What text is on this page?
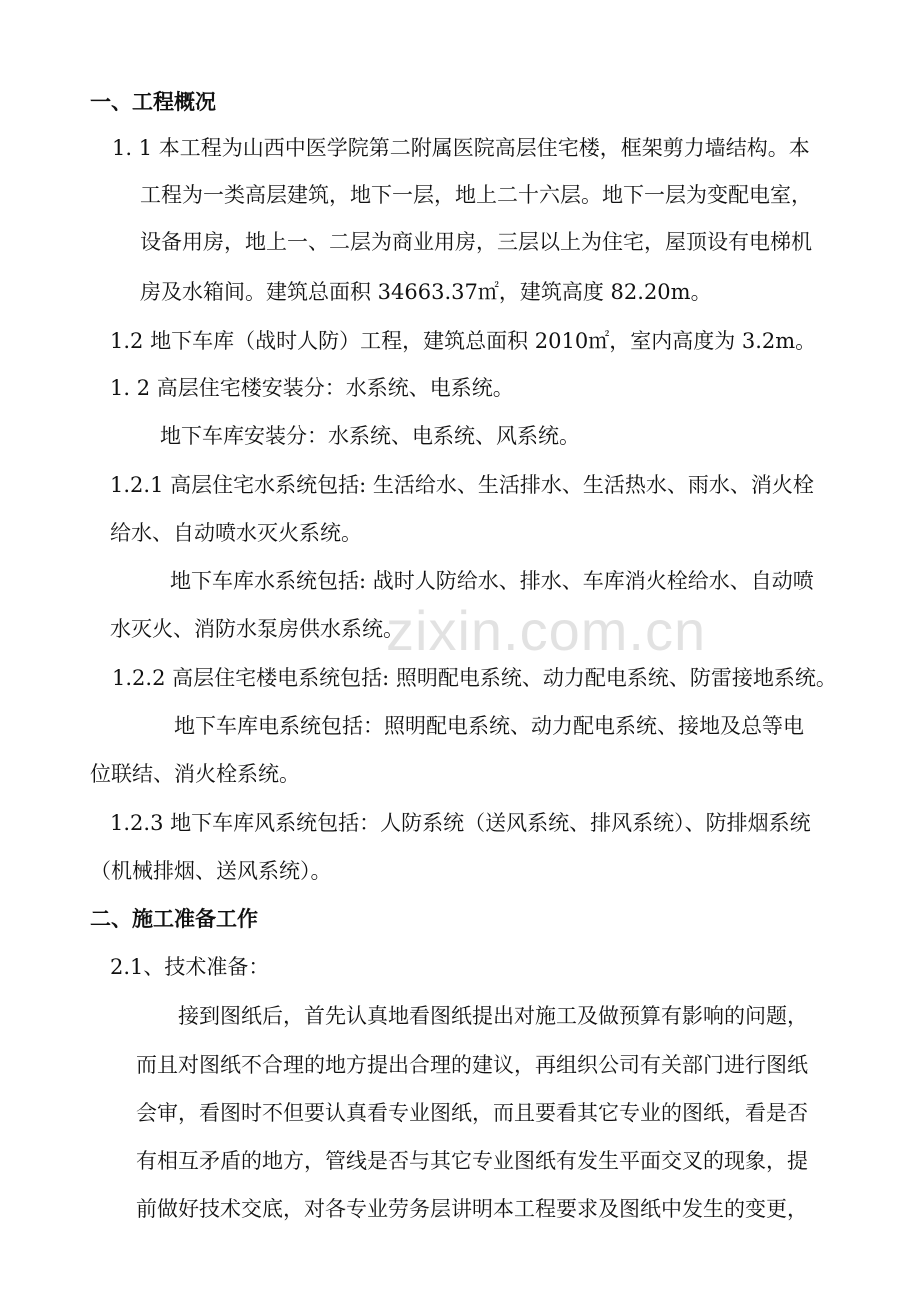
一、工程概况
1. 1 本工程为山西中医学院第二附属医院高层住宅楼，框架剪力墙结构。本
工程为一类高层建筑，地下一层，地上二十六层。地下一层为变配电室，
设备用房，地上一、二层为商业用房，三层以上为住宅，屋顶设有电梯机
房及水箱间。建筑总面积 34663.37㎡，建筑高度 82.20m。
1.2 地下车库（战时人防）工程，建筑总面积 2010㎡，室内高度为 3.2m。
1. 2 高层住宅楼安装分：水系统、电系统。
地下车库安装分：水系统、电系统、风系统。
1.2.1 高层住宅水系统包括: 生活给水、生活排水、生活热水、雨水、消火栓
给水、自动喷水灭火系统。
地下车库水系统包括: 战时人防给水、排水、车库消火栓给水、自动喷
水灭火、消防水泵房供水系统。
1.2.2 高层住宅楼电系统包括: 照明配电系统、动力配电系统、防雷接地系统。
地下车库电系统包括：照明配电系统、动力配电系统、接地及总等电
位联结、消火栓系统。
1.2.3 地下车库风系统包括：人防系统（送风系统、排风系统）、防排烟系统
（机械排烟、送风系统）。
二、施工准备工作
2.1、技术准备：
接到图纸后，首先认真地看图纸提出对施工及做预算有影响的问题，
而且对图纸不合理的地方提出合理的建议，再组织公司有关部门进行图纸
会审，看图时不但要认真看专业图纸，而且要看其它专业的图纸，看是否
有相互矛盾的地方，管线是否与其它专业图纸有发生平面交叉的现象，提
前做好技术交底，对各专业劳务层讲明本工程要求及图纸中发生的变更，
zixin.com.cn
